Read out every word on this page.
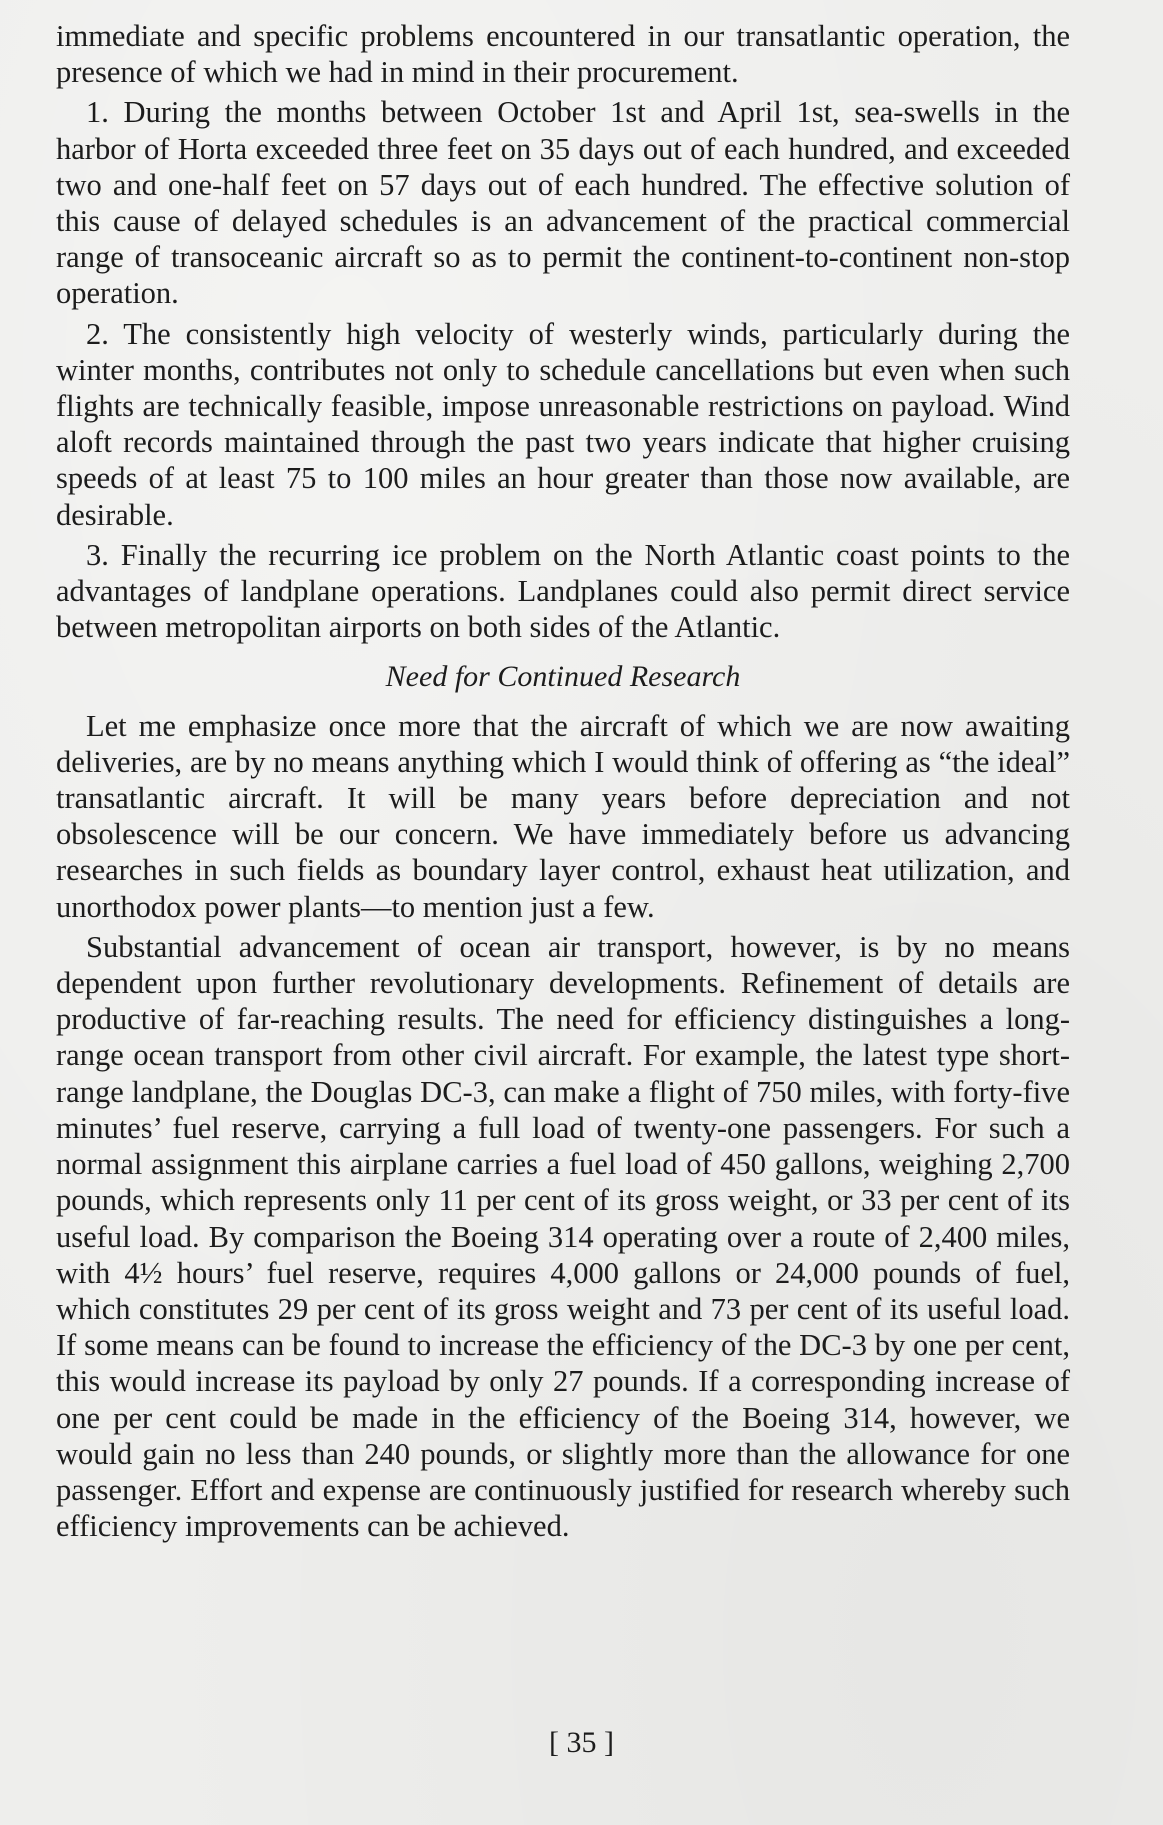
immediate and specific problems encountered in our transatlantic operation, the presence of which we had in mind in their procurement.

1. During the months between October 1st and April 1st, sea-swells in the harbor of Horta exceeded three feet on 35 days out of each hundred, and exceeded two and one-half feet on 57 days out of each hundred. The effective solution of this cause of delayed schedules is an advancement of the practical commercial range of transoceanic aircraft so as to permit the continent-to-continent non-stop operation.

2. The consistently high velocity of westerly winds, particularly during the winter months, contributes not only to schedule cancellations but even when such flights are technically feasible, impose unreasonable restrictions on payload. Wind aloft records maintained through the past two years indicate that higher cruising speeds of at least 75 to 100 miles an hour greater than those now available, are desirable.

3. Finally the recurring ice problem on the North Atlantic coast points to the advantages of landplane operations. Landplanes could also permit direct service between metropolitan airports on both sides of the Atlantic.

Need for Continued Research

Let me emphasize once more that the aircraft of which we are now awaiting deliveries, are by no means anything which I would think of offering as “the ideal” transatlantic aircraft. It will be many years before depreciation and not obsolescence will be our concern. We have immediately before us advancing researches in such fields as boundary layer control, exhaust heat utilization, and unorthodox power plants—to mention just a few.

Substantial advancement of ocean air transport, however, is by no means dependent upon further revolutionary developments. Refinement of details are productive of far-reaching results. The need for efficiency distinguishes a long-range ocean transport from other civil aircraft. For example, the latest type short-range landplane, the Douglas DC-3, can make a flight of 750 miles, with forty-five minutes’ fuel reserve, carrying a full load of twenty-one passengers. For such a normal assignment this airplane carries a fuel load of 450 gallons, weighing 2,700 pounds, which represents only 11 per cent of its gross weight, or 33 per cent of its useful load. By comparison the Boeing 314 operating over a route of 2,400 miles, with 4½ hours’ fuel reserve, requires 4,000 gallons or 24,000 pounds of fuel, which constitutes 29 per cent of its gross weight and 73 per cent of its useful load. If some means can be found to increase the efficiency of the DC-3 by one per cent, this would increase its payload by only 27 pounds. If a corresponding increase of one per cent could be made in the efficiency of the Boeing 314, however, we would gain no less than 240 pounds, or slightly more than the allowance for one passenger. Effort and expense are continuously justified for research whereby such efficiency improvements can be achieved.

[ 35 ]
